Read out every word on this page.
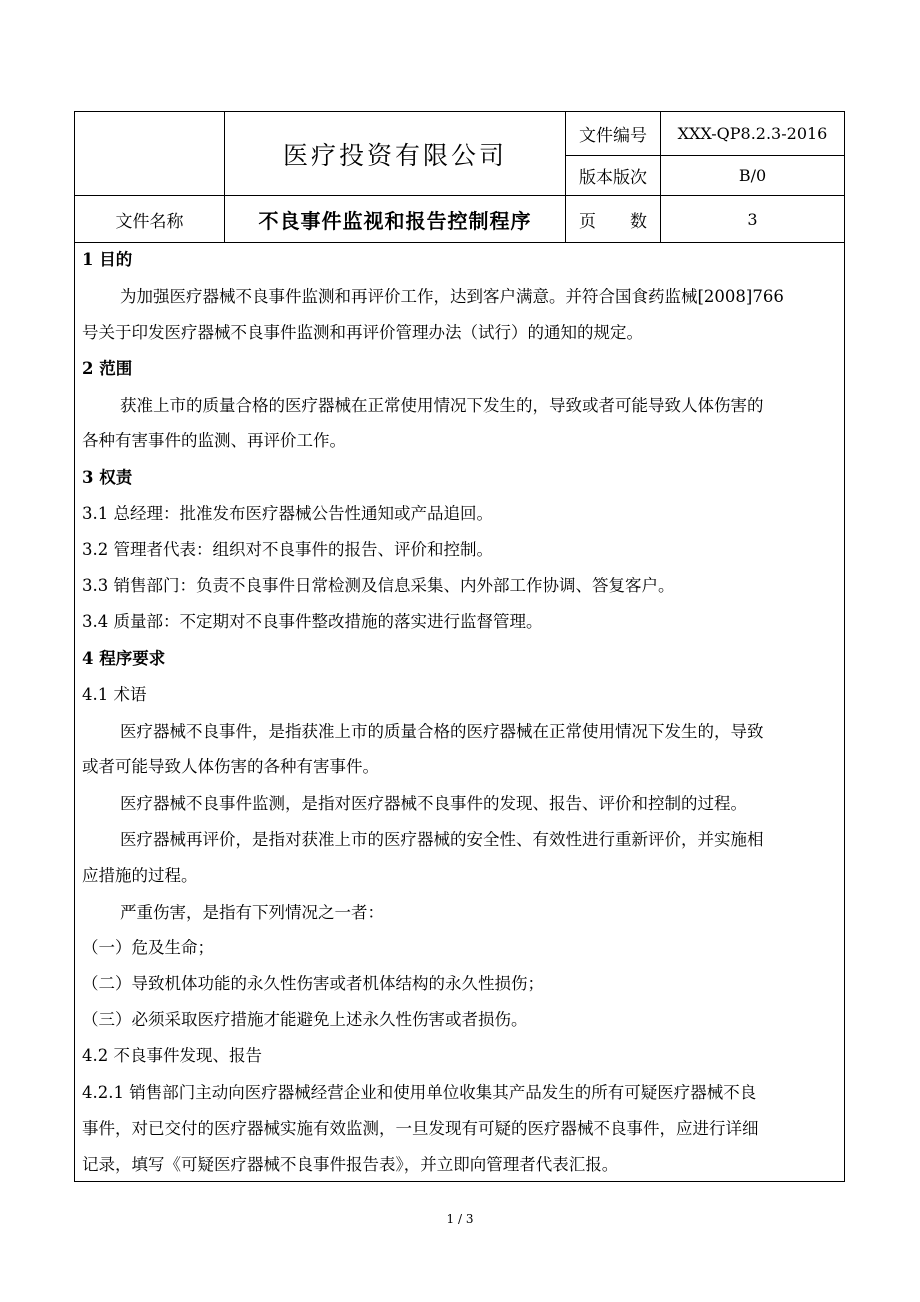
医疗投资有限公司
文件编号	XXX-QP8.2.3-2016
版本版次	B/0
文件名称	不良事件监视和报告控制程序	页　　数	3
1 目的
为加强医疗器械不良事件监测和再评价工作，达到客户满意。并符合国食药监械[2008]766
号关于印发医疗器械不良事件监测和再评价管理办法（试行）的通知的规定。
2 范围
获准上市的质量合格的医疗器械在正常使用情况下发生的，导致或者可能导致人体伤害的
各种有害事件的监测、再评价工作。
3 权责
3.1 总经理：批准发布医疗器械公告性通知或产品追回。
3.2 管理者代表：组织对不良事件的报告、评价和控制。
3.3 销售部门：负责不良事件日常检测及信息采集、内外部工作协调、答复客户。
3.4 质量部：不定期对不良事件整改措施的落实进行监督管理。
4 程序要求
4.1 术语
医疗器械不良事件，是指获准上市的质量合格的医疗器械在正常使用情况下发生的，导致
或者可能导致人体伤害的各种有害事件。
医疗器械不良事件监测，是指对医疗器械不良事件的发现、报告、评价和控制的过程。
医疗器械再评价，是指对获准上市的医疗器械的安全性、有效性进行重新评价，并实施相
应措施的过程。
严重伤害，是指有下列情况之一者：
（一）危及生命；
（二）导致机体功能的永久性伤害或者机体结构的永久性损伤；
（三）必须采取医疗措施才能避免上述永久性伤害或者损伤。
4.2 不良事件发现、报告
4.2.1 销售部门主动向医疗器械经营企业和使用单位收集其产品发生的所有可疑医疗器械不良
事件，对已交付的医疗器械实施有效监测，一旦发现有可疑的医疗器械不良事件，应进行详细
记录，填写《可疑医疗器械不良事件报告表》，并立即向管理者代表汇报。
1 / 3
